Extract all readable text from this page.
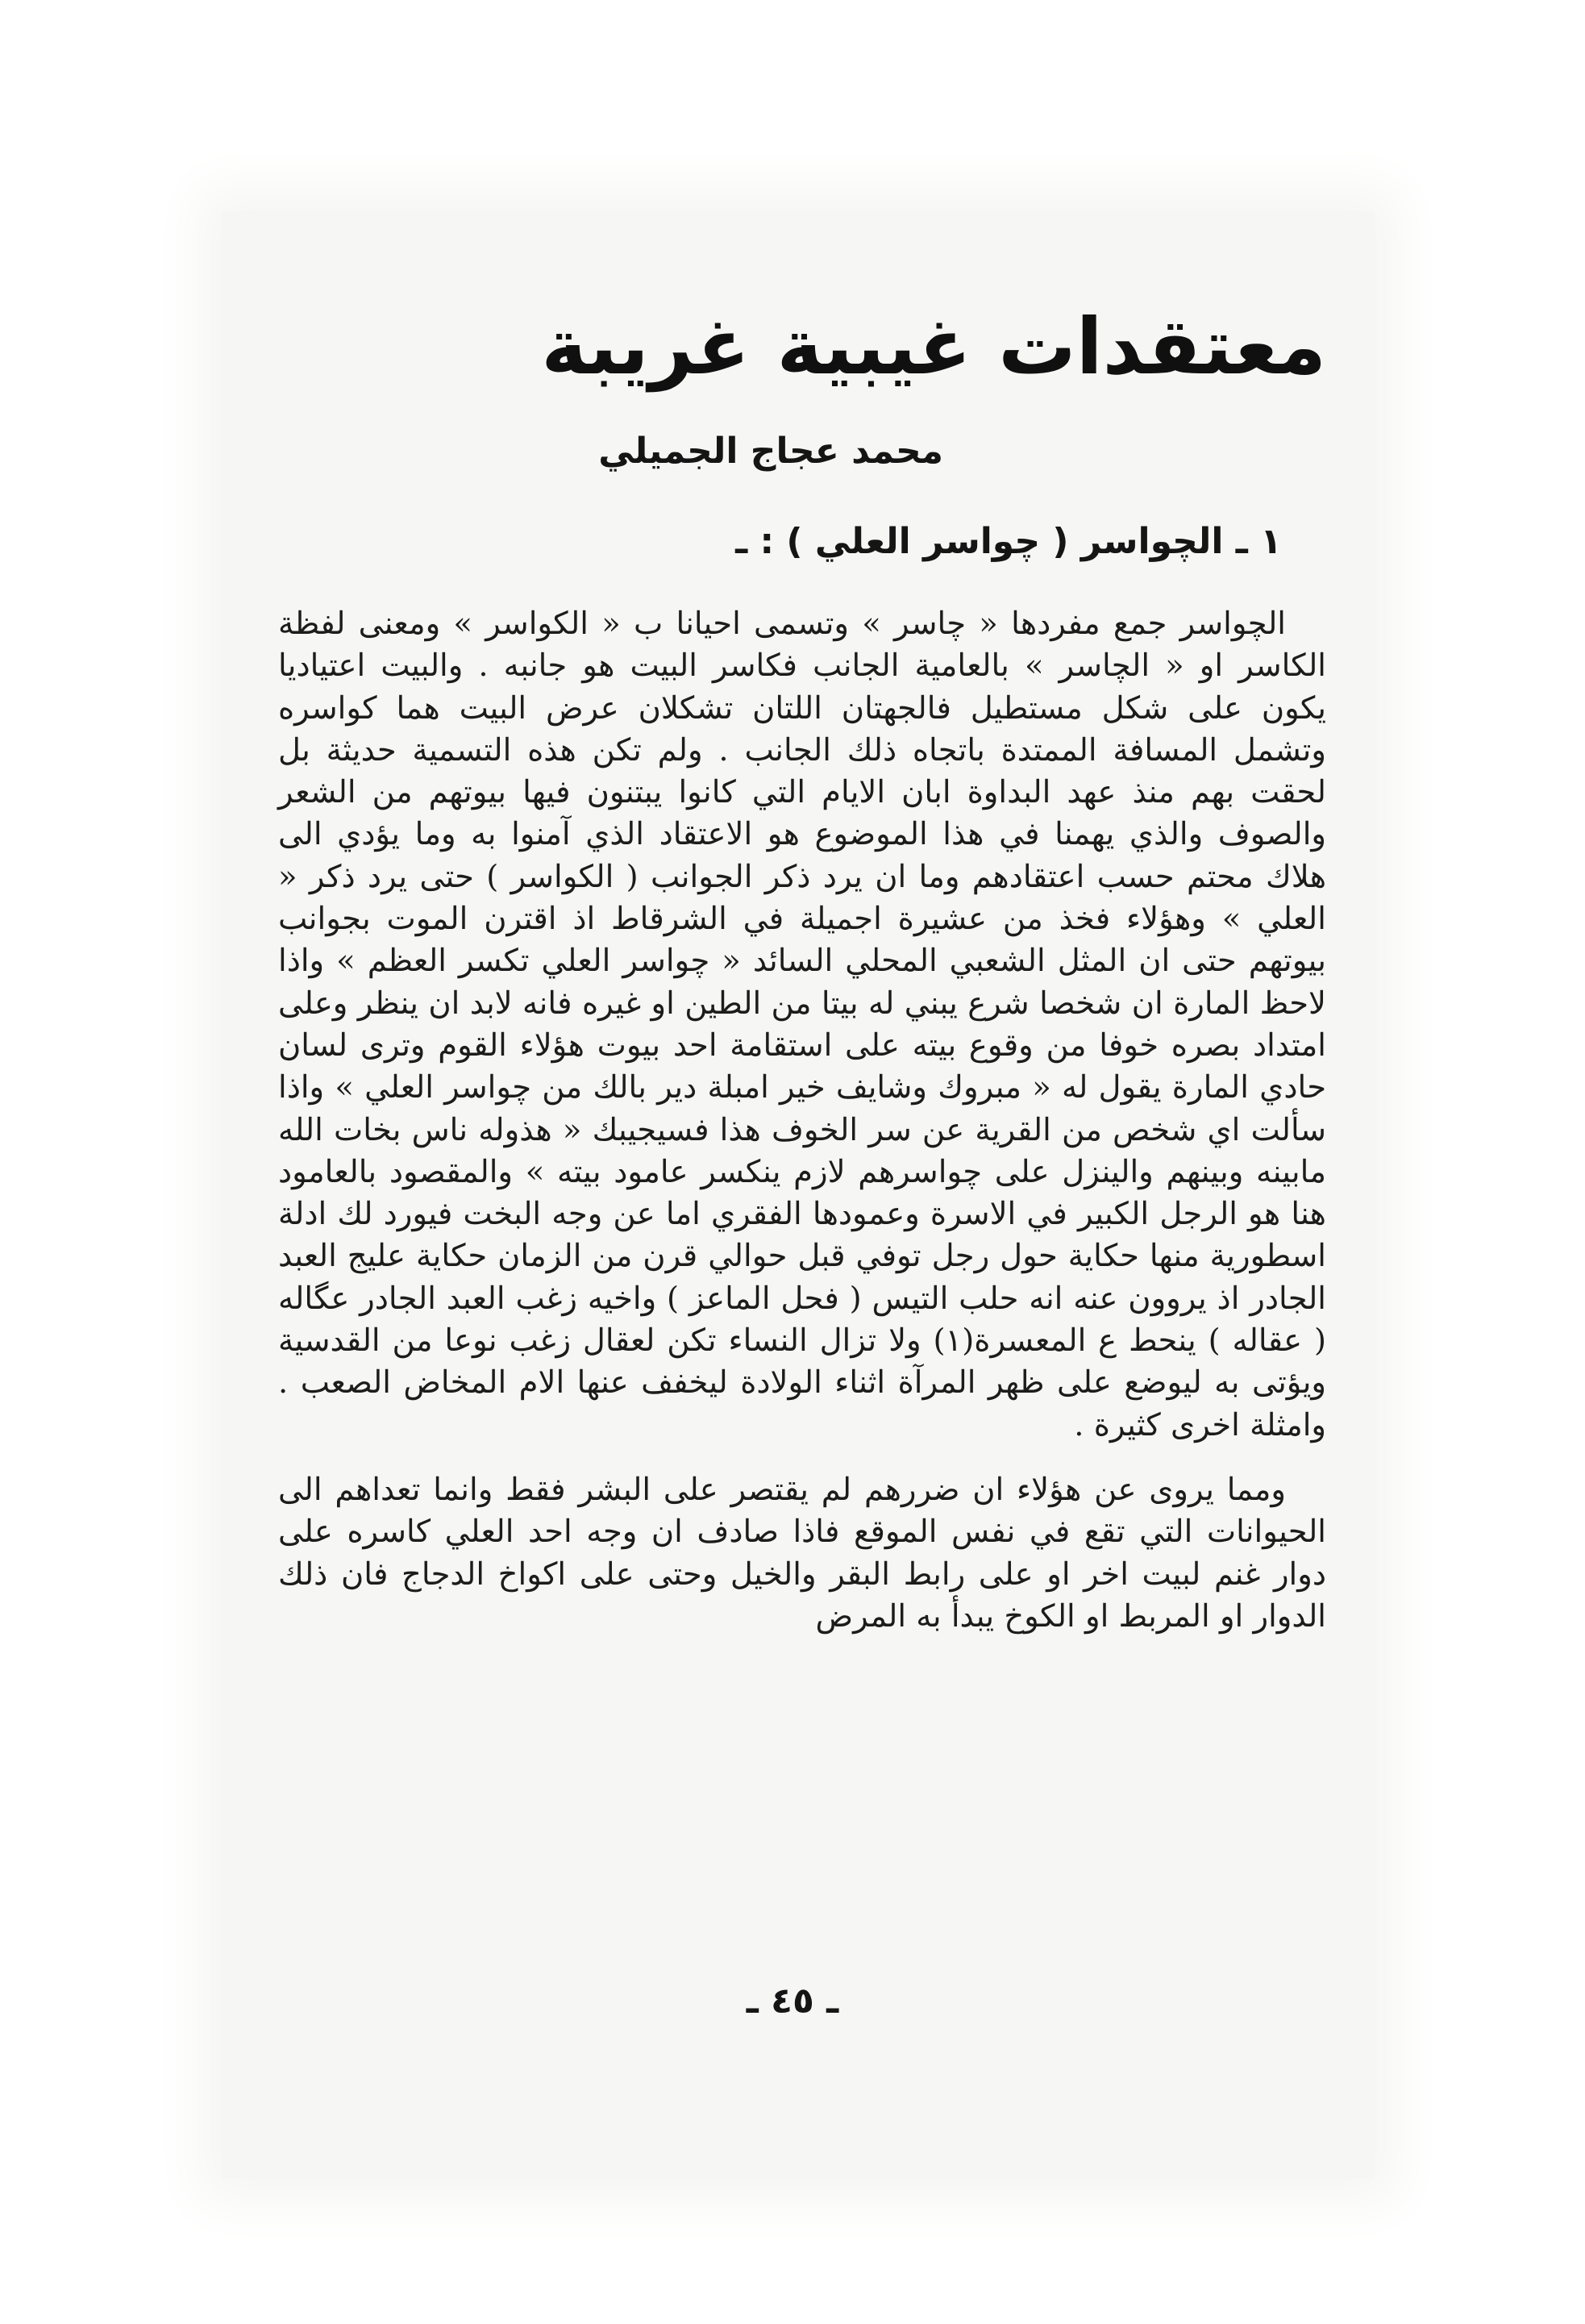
معتقدات غيبية غريبة
محمد عجاج الجميلي
١ ـ الچواسر ( چواسر العلي ) : ـ

الچواسر جمع مفردها « چاسر » وتسمى احيانا ب « الكواسر » ومعنى لفظة الكاسر او « الچاسر » بالعامية الجانب فكاسر البيت هو جانبه . والبيت اعتياديا يكون على شكل مستطيل فالجهتان اللتان تشكلان عرض البيت هما كواسره وتشمل المسافة الممتدة باتجاه ذلك الجانب . ولم تكن هذه التسمية حديثة بل لحقت بهم منذ عهد البداوة ابان الايام التي كانوا يبتنون فيها بيوتهم من الشعر والصوف والذي يهمنا في هذا الموضوع هو الاعتقاد الذي آمنوا به وما يؤدي الى هلاك محتم حسب اعتقادهم وما ان يرد ذكر الجوانب ( الكواسر ) حتى يرد ذكر « العلي » وهؤلاء فخذ من عشيرة اجميلة في الشرقاط اذ اقترن الموت بجوانب بيوتهم حتى ان المثل الشعبي المحلي السائد « چواسر العلي تكسر العظم » واذا لاحظ المارة ان شخصا شرع يبني له بيتا من الطين او غيره فانه لابد ان ينظر وعلى امتداد بصره خوفا من وقوع بيته على استقامة احد بيوت هؤلاء القوم وترى لسان حادي المارة يقول له « مبروك وشايف خير امبلة دير بالك من چواسر العلي » واذا سألت اي شخص من القرية عن سر الخوف هذا فسيجيبك « هذوله ناس بخات الله مابينه وبينهم والينزل على چواسرهم لازم ينكسر عامود بيته » والمقصود بالعامود هنا هو الرجل الكبير في الاسرة وعمودها الفقري اما عن وجه البخت فيورد لك ادلة اسطورية منها حكاية حول رجل توفي قبل حوالي قرن من الزمان حكاية عليج العبد الجادر اذ يروون عنه انه حلب التيس ( فحل الماعز ) واخيه زغب العبد الجادر عگاله ( عقاله ) ينحط ع المعسرة(١) ولا تزال النساء تكن لعقال زغب نوعا من القدسية ويؤتى به ليوضع على ظهر المرآة اثناء الولادة ليخفف عنها الام المخاض الصعب . وامثلة اخرى كثيرة .

ومما يروى عن هؤلاء ان ضررهم لم يقتصر على البشر فقط وانما تعداهم الى الحيوانات التي تقع في نفس الموقع فاذا صادف ان وجه احد العلي كاسره على دوار غنم لبيت اخر او على رابط البقر والخيل وحتى على اكواخ الدجاج فان ذلك الدوار او المربط او الكوخ يبدأ به المرض

ـ ٤٥ ـ
